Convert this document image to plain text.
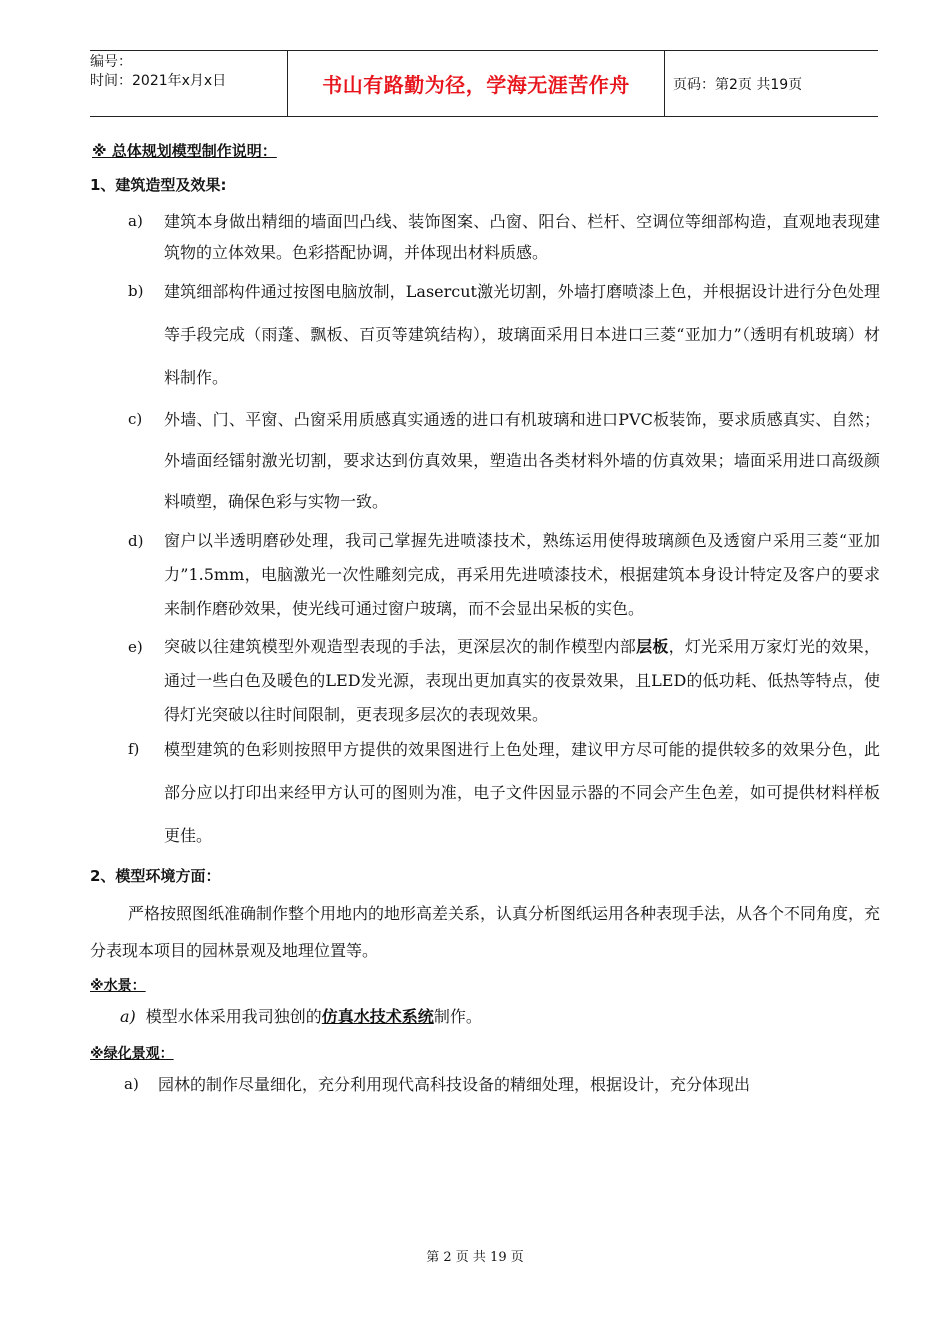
编号：
时间：2021年x月x日	书山有路勤为径，学海无涯苦作舟	页码：第2页 共19页
※ 总体规划模型制作说明：
1、建筑造型及效果:
a)	建筑本身做出精细的墙面凹凸线、装饰图案、凸窗、阳台、栏杆、空调位等细部构造，直观地表现建筑物的立体效果。色彩搭配协调，并体现出材料质感。
b)	建筑细部构件通过按图电脑放制，Lasercut激光切割，外墙打磨喷漆上色，并根据设计进行分色处理等手段完成（雨蓬、飘板、百页等建筑结构），玻璃面采用日本进口三菱“亚加力”（透明有机玻璃）材料制作。
c)	外墙、门、平窗、凸窗采用质感真实通透的进口有机玻璃和进口PVC板装饰，要求质感真实、自然；外墙面经镭射激光切割，要求达到仿真效果，塑造出各类材料外墙的仿真效果；墙面采用进口高级颜料喷塑，确保色彩与实物一致。
d)	窗户以半透明磨砂处理，我司己掌握先进喷漆技术，熟练运用使得玻璃颜色及透窗户采用三菱“亚加力”1.5mm，电脑激光一次性雕刻完成，再采用先进喷漆技术，根据建筑本身设计特定及客户的要求来制作磨砂效果，使光线可通过窗户玻璃，而不会显出呆板的实色。
e)	突破以往建筑模型外观造型表现的手法，更深层次的制作模型内部层板，灯光采用万家灯光的效果，通过一些白色及暖色的LED发光源，表现出更加真实的夜景效果，且LED的低功耗、低热等特点，使得灯光突破以往时间限制，更表现多层次的表现效果。
f)	模型建筑的色彩则按照甲方提供的效果图进行上色处理，建议甲方尽可能的提供较多的效果分色，此部分应以打印出来经甲方认可的图则为准，电子文件因显示器的不同会产生色差，如可提供材料样板更佳。
2、模型环境方面：
严格按照图纸准确制作整个用地内的地形高差关系，认真分析图纸运用各种表现手法，从各个不同角度，充分表现本项目的园林景观及地理位置等。
※水景：
a) 模型水体采用我司独创的仿真水技术系统制作。
※绿化景观：
a)	园林的制作尽量细化，充分利用现代高科技设备的精细处理，根据设计，充分体现出
第 2 页 共 19 页
